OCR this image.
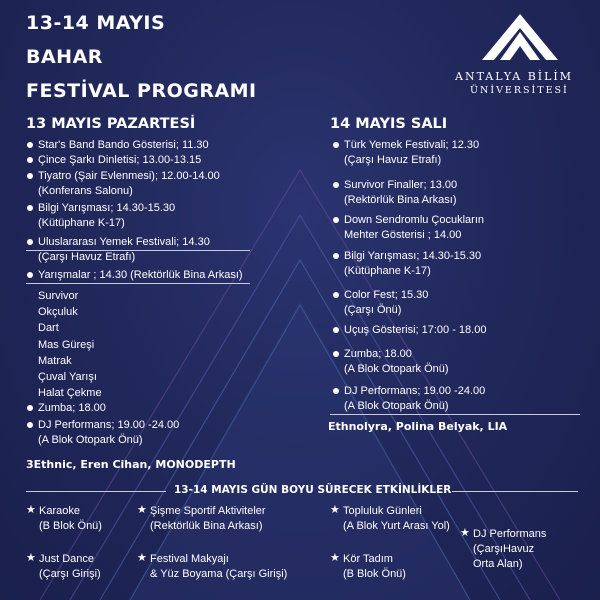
13-14 MAYIS
BAHAR
FESTİVAL PROGRAMI
ANTALYA BİLİM
ÜNİVERSİTESİ
13 MAYIS PAZARTESİ	14 MAYIS SALI
Ethnolyra, Polina Belyak, LIA
3Ethnic, Eren Cihan, MONODEPTH
13-14 MAYIS GÜN BOYU SÜRECEK ETKİNLİKLER
Star's Band Bando Gösterisi; 11.30
Çince Şarkı Dinletisi; 13.00-13.15
Tiyatro (Şair Evlenmesi); 12.00-14.00
(Konferans Salonu)
Bilgi Yarışması; 14.30-15.30
(Kütüphane K-17)
Uluslararası Yemek Festivali; 14.30
(Çarşı Havuz Etrafı)
Yarışmalar ; 14.30 (Rektörlük Bina Arkası)
Survivor
Okçuluk
Dart
Mas Güreşi
Matrak
Çuval Yarışı
Halat Çekme
Zumba; 18.00
DJ Performans; 19.00 -24.00
(A Blok Otopark Önü)
Türk Yemek Festivali; 12.30
(Çarşı Havuz Etrafı)
Survivor Finaller; 13.00
(Rektörlük Bina Arkası)
Down Sendromlu Çocukların
Mehter Gösterisi ; 14.00
Bilgi Yarışması; 14.30-15.30
(Kütüphane K-17)
Color Fest; 15.30
(Çarşı Önü)
Uçuş Gösterisi; 17:00 - 18.00
Zumba; 18.00
(A Blok Otopark Önü)
DJ Performans; 19.00 -24.00
(A Blok Otopark Önü)
★ Karaoke
(B Blok Önü)
★ Şişme Sportif Aktiviteler
(Rektörlük Bina Arkası)
★ Topluluk Günleri
(A Blok Yurt Arası Yol)
★ Just Dance
(Çarşı Girişi)
★ Festival Makyajı
& Yüz Boyama (Çarşı Girişi)
★ Kör Tadım
(B Blok Önü)
★ DJ Performans
(ÇarşıHavuz
Orta Alan)
